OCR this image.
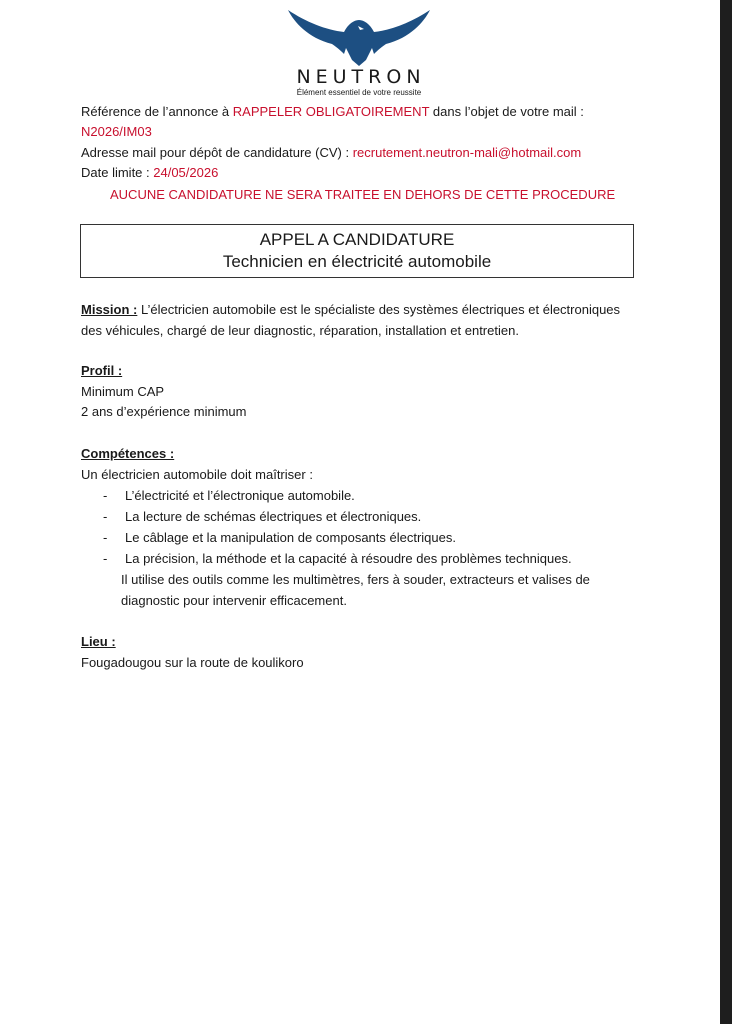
NEUTRON
Élément essentiel de votre reussite
Référence de l’annonce à RAPPELER OBLIGATOIREMENT dans l’objet de votre mail :
N2026/IM03
Adresse mail pour dépôt de candidature (CV) : recrutement.neutron-mali@hotmail.com
Date limite : 24/05/2026
AUCUNE CANDIDATURE NE SERA TRAITEE EN DEHORS DE CETTE PROCEDURE
APPEL A CANDIDATURE
Technicien en électricité automobile
Mission : L’électricien automobile est le spécialiste des systèmes électriques et électroniques
des véhicules, chargé de leur diagnostic, réparation, installation et entretien.
Profil :
Minimum CAP
2 ans d’expérience minimum
Compétences :
Un électricien automobile doit maîtriser :
- L’électricité et l’électronique automobile.
- La lecture de schémas électriques et électroniques.
- Le câblage et la manipulation de composants électriques.
- La précision, la méthode et la capacité à résoudre des problèmes techniques.
Il utilise des outils comme les multimètres, fers à souder, extracteurs et valises de
diagnostic pour intervenir efficacement.
Lieu :
Fougadougou sur la route de koulikoro
